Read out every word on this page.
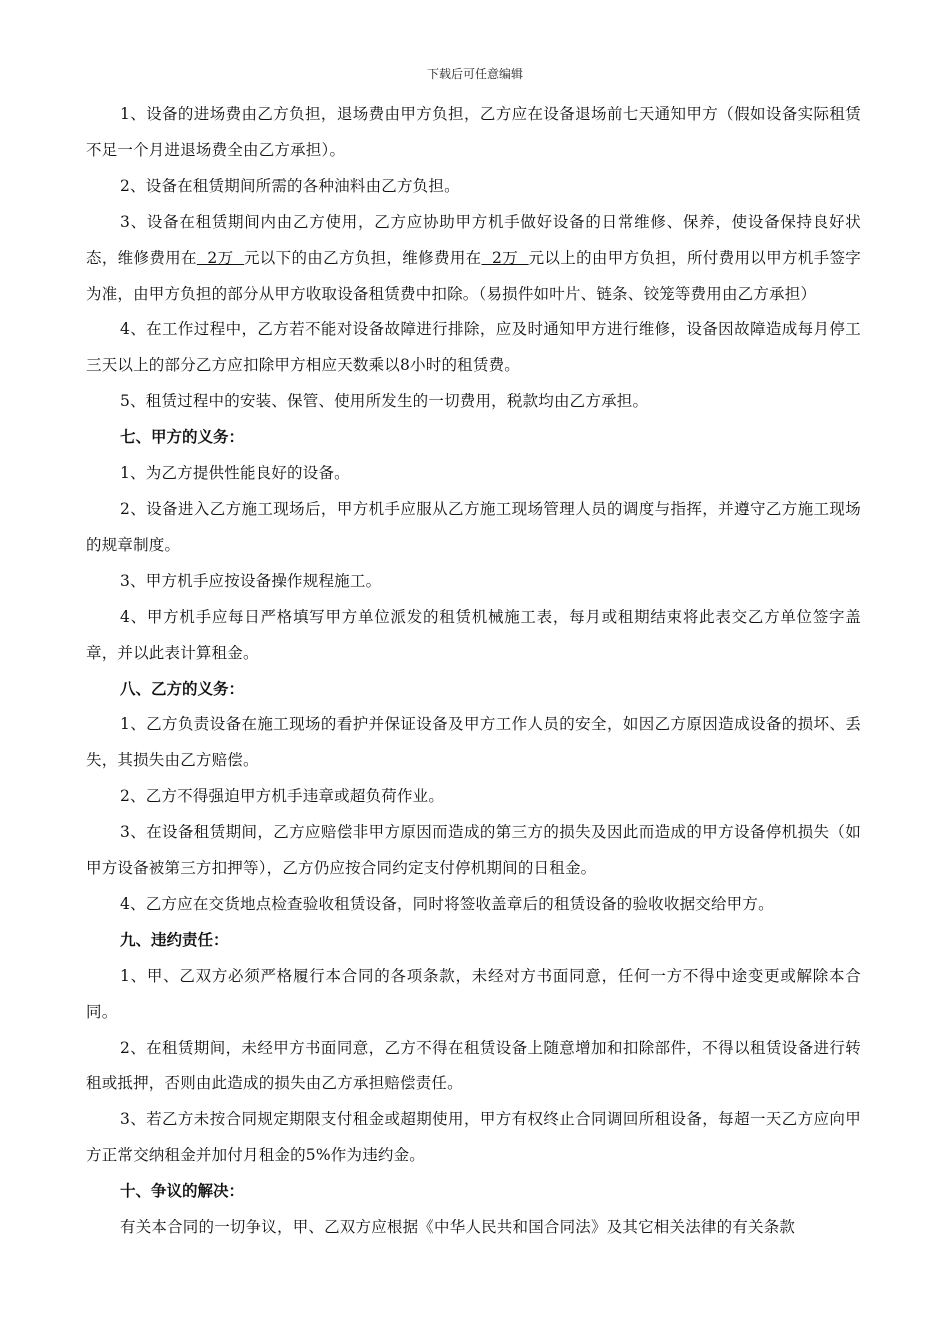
下载后可任意编辑

1、设备的进场费由乙方负担，退场费由甲方负担，乙方应在设备退场前七天通知甲方（假如设备实际租赁不足一个月进退场费全由乙方承担）。

2、设备在租赁期间所需的各种油料由乙方负担。

3、设备在租赁期间内由乙方使用，乙方应协助甲方机手做好设备的日常维修、保养，使设备保持良好状态，维修费用在  2万  元以下的由乙方负担，维修费用在  2万  元以上的由甲方负担，所付费用以甲方机手签字为准，由甲方负担的部分从甲方收取设备租赁费中扣除。（易损件如叶片、链条、铰笼等费用由乙方承担）

4、在工作过程中，乙方若不能对设备故障进行排除，应及时通知甲方进行维修，设备因故障造成每月停工三天以上的部分乙方应扣除甲方相应天数乘以8小时的租赁费。

5、租赁过程中的安装、保管、使用所发生的一切费用，税款均由乙方承担。

七、甲方的义务：

1、为乙方提供性能良好的设备。

2、设备进入乙方施工现场后，甲方机手应服从乙方施工现场管理人员的调度与指挥，并遵守乙方施工现场的规章制度。

3、甲方机手应按设备操作规程施工。

4、甲方机手应每日严格填写甲方单位派发的租赁机械施工表，每月或租期结束将此表交乙方单位签字盖章，并以此表计算租金。

八、乙方的义务：

1、乙方负责设备在施工现场的看护并保证设备及甲方工作人员的安全，如因乙方原因造成设备的损坏、丢失，其损失由乙方赔偿。

2、乙方不得强迫甲方机手违章或超负荷作业。

3、在设备租赁期间，乙方应赔偿非甲方原因而造成的第三方的损失及因此而造成的甲方设备停机损失（如甲方设备被第三方扣押等），乙方仍应按合同约定支付停机期间的日租金。

4、乙方应在交货地点检查验收租赁设备，同时将签收盖章后的租赁设备的验收收据交给甲方。

九、违约责任：

1、甲、乙双方必须严格履行本合同的各项条款，未经对方书面同意，任何一方不得中途变更或解除本合同。

2、在租赁期间，未经甲方书面同意，乙方不得在租赁设备上随意增加和扣除部件，不得以租赁设备进行转租或抵押，否则由此造成的损失由乙方承担赔偿责任。

3、若乙方未按合同规定期限支付租金或超期使用，甲方有权终止合同调回所租设备，每超一天乙方应向甲方正常交纳租金并加付月租金的5%作为违约金。

十、争议的解决：

有关本合同的一切争议，甲、乙双方应根据《中华人民共和国合同法》及其它相关法律的有关条款
